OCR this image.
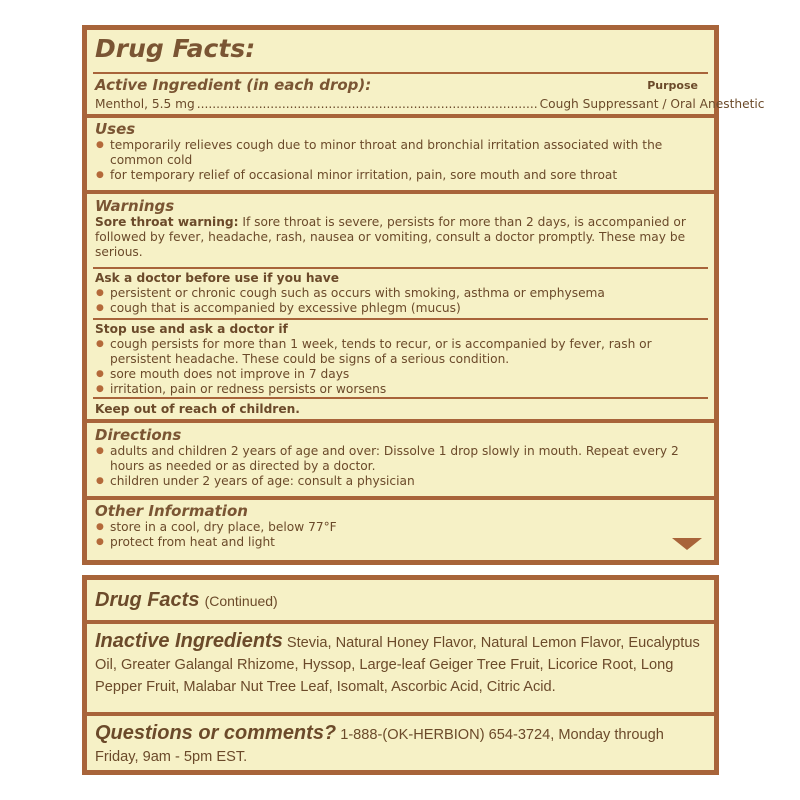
Drug Facts:
Active Ingredient (in each drop):	Purpose
Menthol, 5.5 mg ........................................................................................ Cough Suppressant / Oral Anesthetic
Uses
● temporarily relieves cough due to minor throat and bronchial irritation associated with the common cold
● for temporary relief of occasional minor irritation, pain, sore mouth and sore throat
Warnings
Sore throat warning: If sore throat is severe, persists for more than 2 days, is accompanied or followed by fever, headache, rash, nausea or vomiting, consult a doctor promptly. These may be serious.
Ask a doctor before use if you have
● persistent or chronic cough such as occurs with smoking, asthma or emphysema
● cough that is accompanied by excessive phlegm (mucus)
Stop use and ask a doctor if
● cough persists for more than 1 week, tends to recur, or is accompanied by fever, rash or persistent headache. These could be signs of a serious condition.
● sore mouth does not improve in 7 days
● irritation, pain or redness persists or worsens
Keep out of reach of children.
Directions
● adults and children 2 years of age and over: Dissolve 1 drop slowly in mouth. Repeat every 2 hours as needed or as directed by a doctor.
● children under 2 years of age: consult a physician
Other Information
● store in a cool, dry place, below 77°F
● protect from heat and light
Drug Facts (Continued)
Inactive Ingredients Stevia, Natural Honey Flavor, Natural Lemon Flavor, Eucalyptus Oil, Greater Galangal Rhizome, Hyssop, Large-leaf Geiger Tree Fruit, Licorice Root, Long Pepper Fruit, Malabar Nut Tree Leaf, Isomalt, Ascorbic Acid, Citric Acid.
Questions or comments? 1-888-(OK-HERBION) 654-3724, Monday through Friday, 9am - 5pm EST.
